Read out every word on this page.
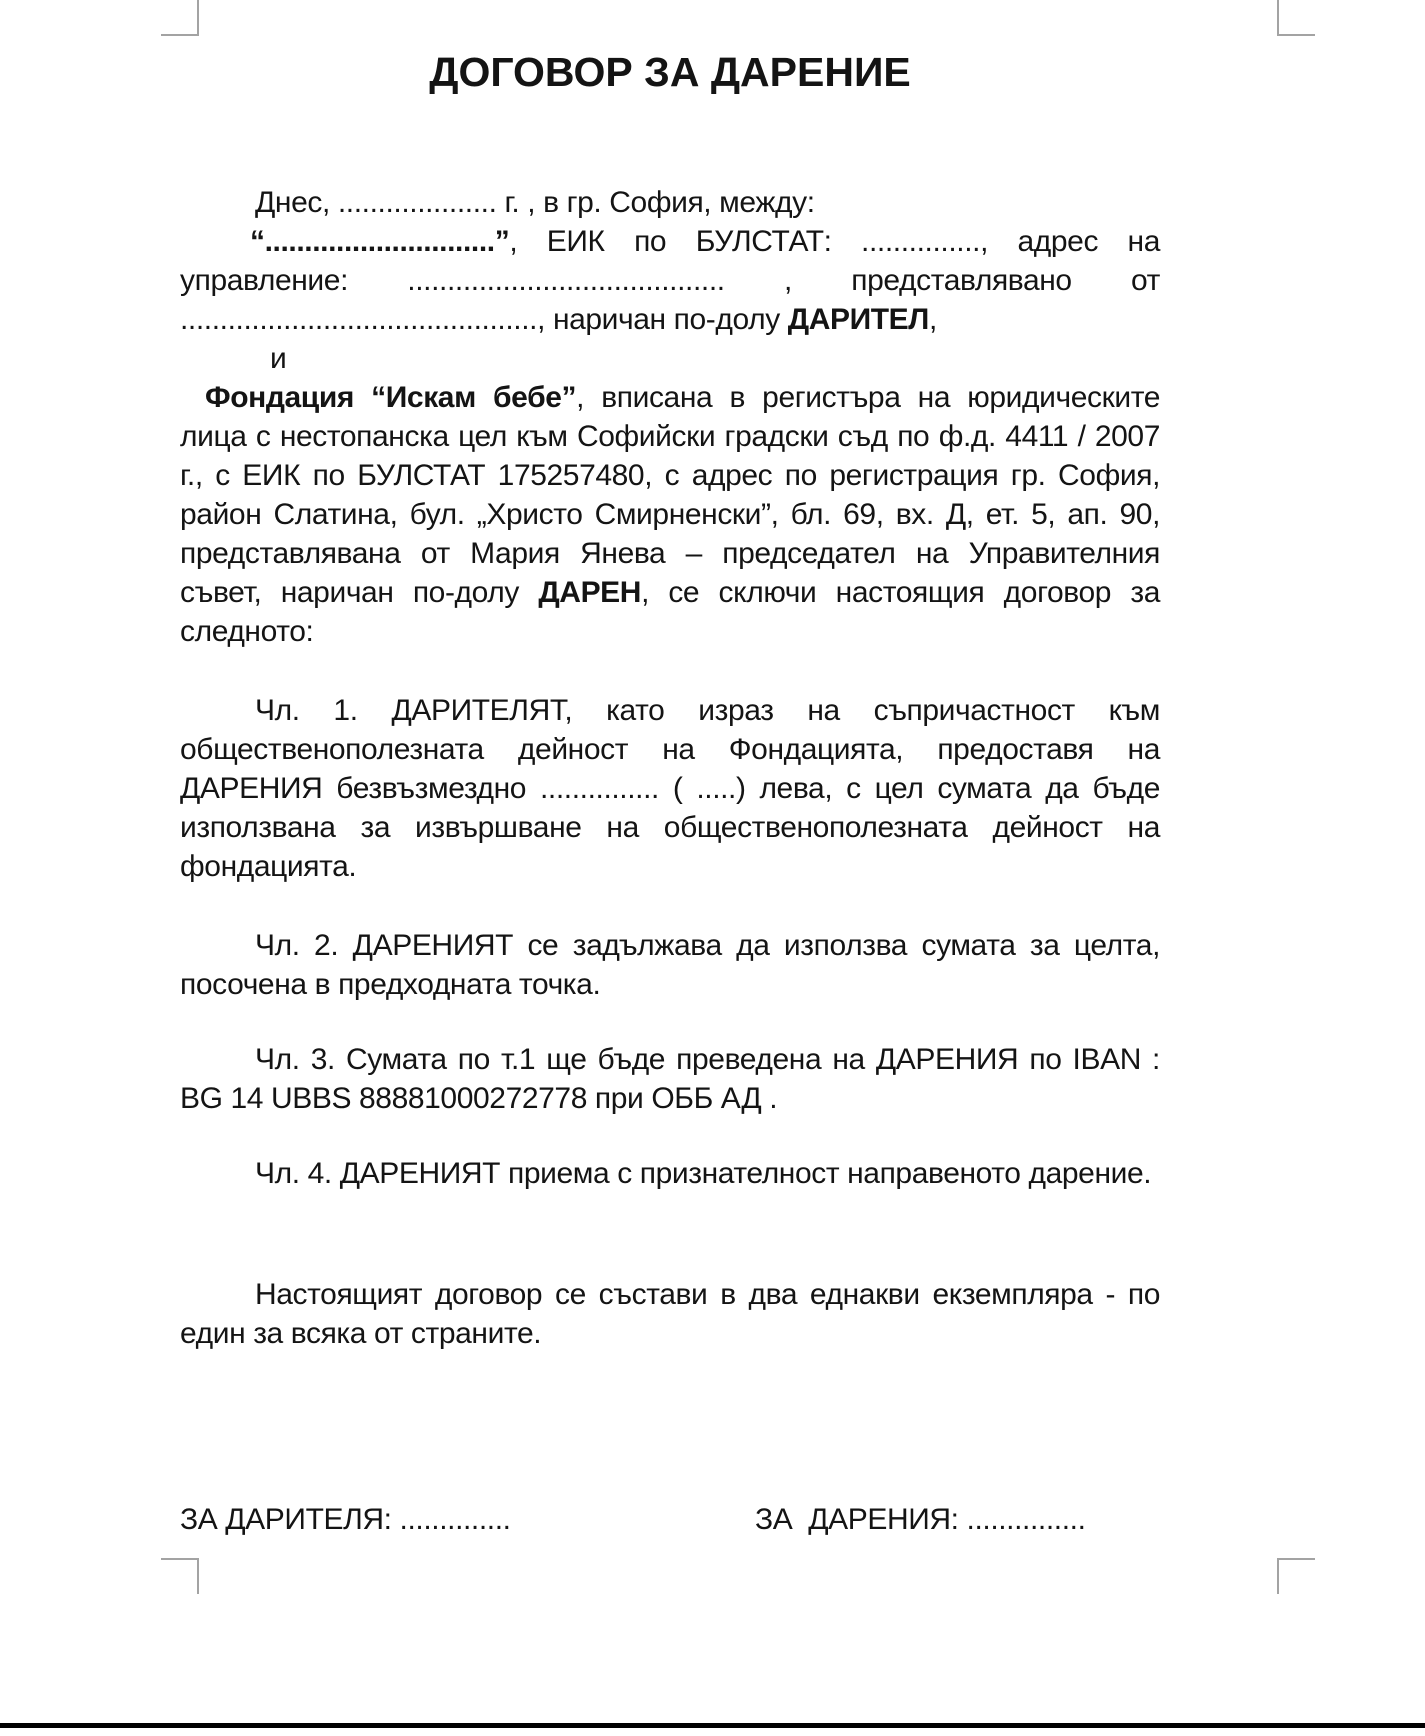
ДОГОВОР ЗА ДАРЕНИЕ

Днес, .................... г. , в гр. София, между:

“.............................”, ЕИК по БУЛСТАТ: ..............., адрес на управление: ........................................ , представлявано от ............................................., наричан по-долу ДАРИТЕЛ,

и

Фондация “Искам бебе”, вписана в регистъра на юридическите лица с нестопанска цел към Софийски градски съд по ф.д. 4411 / 2007 г., с ЕИК по БУЛСТАТ 175257480, с адрес по регистрация гр. София, район Слатина, бул. „Христо Смирненски”, бл. 69, вх. Д, ет. 5, ап. 90, представлявана от Мария Янева – председател на Управителния съвет, наричан по-долу ДАРЕН, се сключи настоящия договор за следното:

Чл. 1. ДАРИТЕЛЯТ, като израз на съпричастност към общественополезната дейност на Фондацията, предоставя на ДАРЕНИЯ безвъзмездно ............... ( .....) лева, с цел сумата да бъде използвана за извършване на общественополезната дейност на фондацията.

Чл. 2. ДАРЕНИЯТ се задължава да използва сумата за целта, посочена в предходната точка.

Чл. 3. Сумата по т.1 ще бъде преведена на ДАРЕНИЯ по IBAN : BG 14 UBBS 88881000272778 при ОББ АД .

Чл. 4. ДАРЕНИЯТ приема с признателност направеното дарение.

Настоящият договор се състави в два еднакви екземпляра - по един за всяка от страните.

ЗА ДАРИТЕЛЯ: ..............	ЗА  ДАРЕНИЯ: ...............
